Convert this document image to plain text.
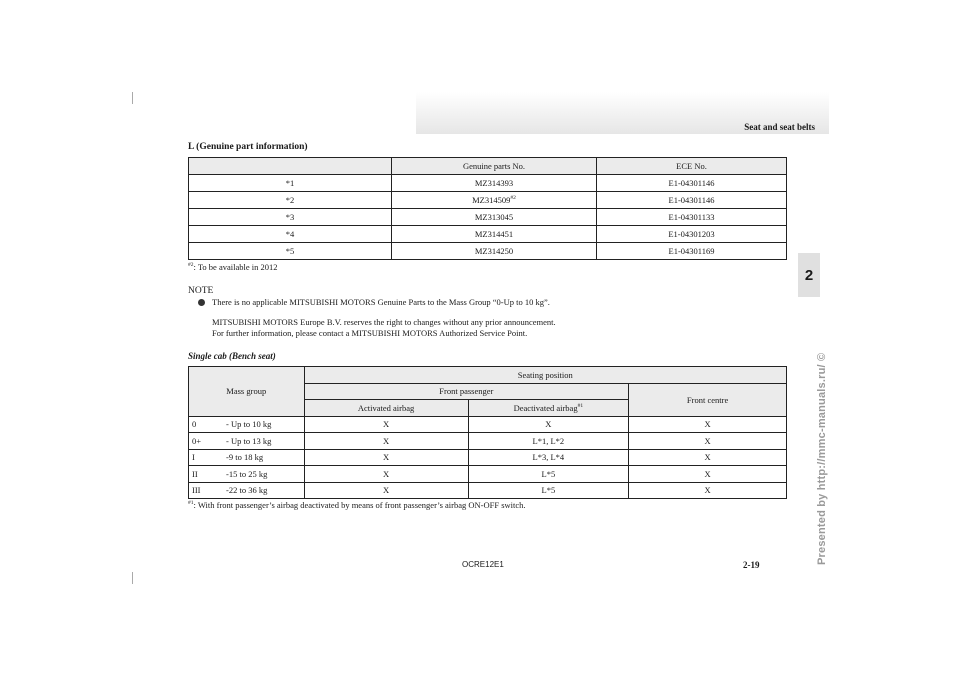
Seat and seat belts
2
Presented by http://mmc-manuals.ru/ ©
L (Genuine part information)
	Genuine parts No.	ECE No.
*1	MZ314393	E1-04301146
*2	MZ314509$^{\#2}$	E1-04301146
*3	MZ313045	E1-04301133
*4	MZ314451	E1-04301203
*5	MZ314250	E1-04301169
$^{\#2}$: To be available in 2012
NOTE
There is no applicable MITSUBISHI MOTORS Genuine Parts to the Mass Group “0-Up to 10 kg”.
MITSUBISHI MOTORS Europe B.V. reserves the right to changes without any prior announcement.
For further information, please contact a MITSUBISHI MOTORS Authorized Service Point.
Single cab (Bench seat)
Mass group	Seating position		
	Front passenger		Front centre
	Activated airbag	Deactivated airbag$^{\#1}$

0 - Up to 10 kg	X	X	X

0+ - Up to 13 kg	X	L*1, L*2	X

I -9 to 18 kg	X	L*3, L*4	X

II -15 to 25 kg	X	L*5	X

III -22 to 36 kg	X	L*5	X
$^{\#1}$: With front passenger’s airbag deactivated by means of front passenger’s airbag ON-OFF switch.
OCRE12E1	2-19
